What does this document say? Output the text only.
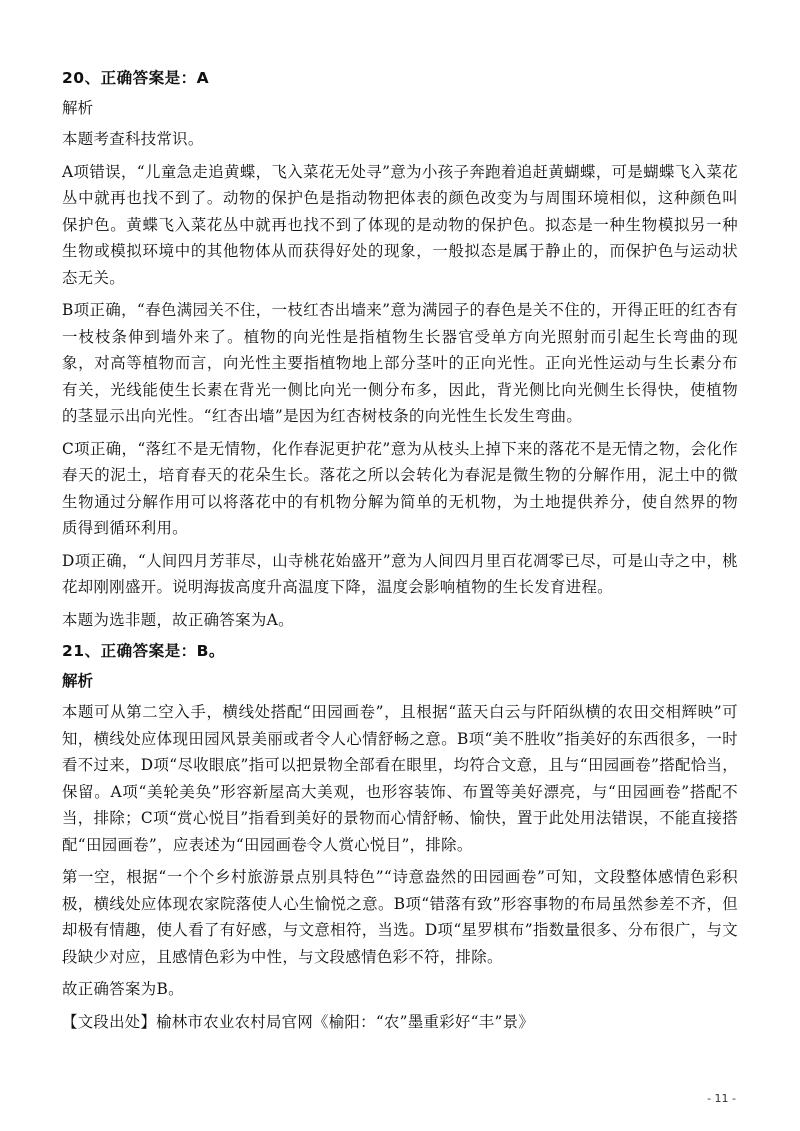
20、正确答案是：A
解析

本题考查科技常识。

A项错误，“儿童急走追黄蝶，飞入菜花无处寻”意为小孩子奔跑着追赶黄蝴蝶，可是蝴蝶飞入菜花丛中就再也找不到了。动物的保护色是指动物把体表的颜色改变为与周围环境相似，这种颜色叫保护色。黄蝶飞入菜花丛中就再也找不到了体现的是动物的保护色。拟态是一种生物模拟另一种生物或模拟环境中的其他物体从而获得好处的现象，一般拟态是属于静止的，而保护色与运动状态无关。

B项正确，“春色满园关不住，一枝红杏出墙来”意为满园子的春色是关不住的，开得正旺的红杏有一枝枝条伸到墙外来了。植物的向光性是指植物生长器官受单方向光照射而引起生长弯曲的现象，对高等植物而言，向光性主要指植物地上部分茎叶的正向光性。正向光性运动与生长素分布有关，光线能使生长素在背光一侧比向光一侧分布多，因此，背光侧比向光侧生长得快，使植物的茎显示出向光性。“红杏出墙”是因为红杏树枝条的向光性生长发生弯曲。

C项正确，“落红不是无情物，化作春泥更护花”意为从枝头上掉下来的落花不是无情之物，会化作春天的泥土，培育春天的花朵生长。落花之所以会转化为春泥是微生物的分解作用，泥土中的微生物通过分解作用可以将落花中的有机物分解为简单的无机物，为土地提供养分，使自然界的物质得到循环利用。

D项正确，“人间四月芳菲尽，山寺桃花始盛开”意为人间四月里百花凋零已尽，可是山寺之中，桃花却刚刚盛开。说明海拔高度升高温度下降，温度会影响植物的生长发育进程。

本题为选非题，故正确答案为A。

21、正确答案是：B。
解析

本题可从第二空入手，横线处搭配“田园画卷”，且根据“蓝天白云与阡陌纵横的农田交相辉映”可知，横线处应体现田园风景美丽或者令人心情舒畅之意。B项“美不胜收”指美好的东西很多，一时看不过来，D项“尽收眼底”指可以把景物全部看在眼里，均符合文意，且与“田园画卷”搭配恰当，保留。A项“美轮美奂”形容新屋高大美观，也形容装饰、布置等美好漂亮，与“田园画卷”搭配不当，排除；C项“赏心悦目”指看到美好的景物而心情舒畅、愉快，置于此处用法错误，不能直接搭配“田园画卷”，应表述为“田园画卷令人赏心悦目”，排除。

第一空，根据“一个个乡村旅游景点别具特色”“诗意盎然的田园画卷”可知，文段整体感情色彩积极，横线处应体现农家院落使人心生愉悦之意。B项“错落有致”形容事物的布局虽然参差不齐，但却极有情趣，使人看了有好感，与文意相符，当选。D项“星罗棋布”指数量很多、分布很广，与文段缺少对应，且感情色彩为中性，与文段感情色彩不符，排除。

故正确答案为B。

【文段出处】榆林市农业农村局官网《榆阳：“农”墨重彩好“丰”景》

- 11 -
